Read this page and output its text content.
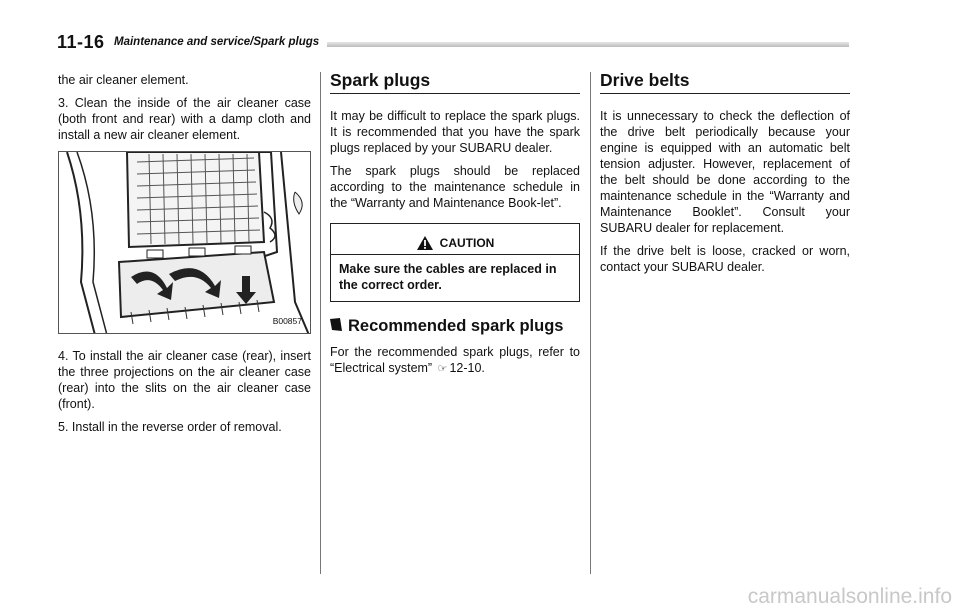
11-16 Maintenance and service/Spark plugs

the air cleaner element.

3. Clean the inside of the air cleaner case (both front and rear) with a damp cloth and install a new air cleaner element.

B00857

4. To install the air cleaner case (rear), insert the three projections on the air cleaner case (rear) into the slits on the air cleaner case (front).

5. Install in the reverse order of removal.

Spark plugs

It may be difficult to replace the spark plugs. It is recommended that you have the spark plugs replaced by your SUBARU dealer.

The spark plugs should be replaced according to the maintenance schedule in the “Warranty and Maintenance Book-let”.

CAUTION
Make sure the cables are replaced in the correct order.
Recommended spark plugs

For the recommended spark plugs, refer to “Electrical system” ☞ 12-10.

Drive belts

It is unnecessary to check the deflection of the drive belt periodically because your engine is equipped with an automatic belt tension adjuster. However, replacement of the belt should be done according to the maintenance schedule in the “Warranty and Maintenance Booklet”. Consult your SUBARU dealer for replacement.

If the drive belt is loose, cracked or worn, contact your SUBARU dealer.

carmanualsonline.info
